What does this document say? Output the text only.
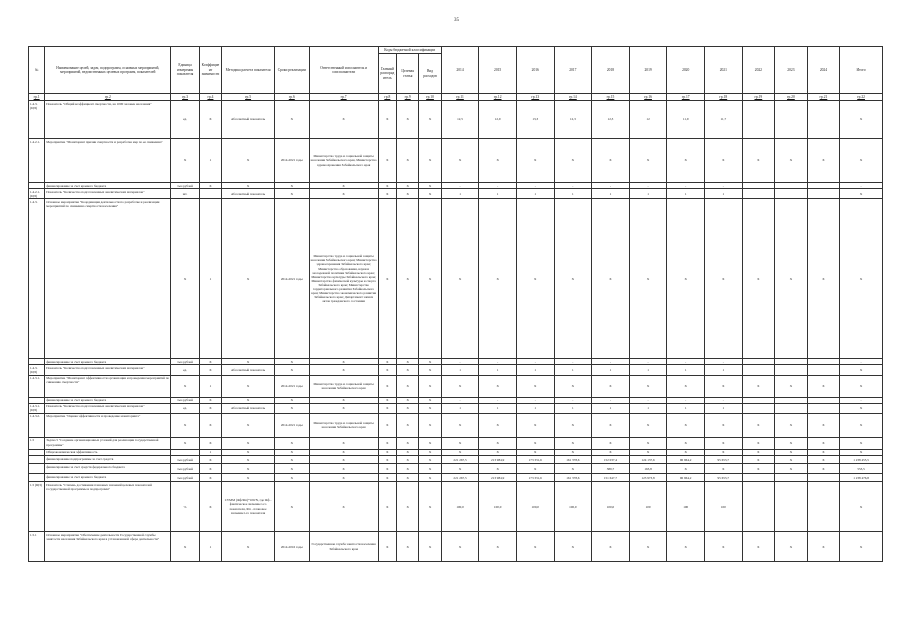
35
№	Наименование целей, задач, подпрограмм, основных мероприятий, мероприятий, ведомственных целевых программ, показателей	Единица измерения показателя	Коэффициент значимости	Методика расчета показателя	Сроки реализации	Ответственный исполнитель и соисполнители	Коды бюджетной классификации			2014	2015	2016	2017	2018	2019	2020	2021	2022	2023	2024	Итого
							Главный распорядитель	Целевая статья	Вид расходов												
гр.1	гр.2	гр.3	гр.4	гр.5	гр.6	гр.7	гр.8	гр.9	гр.10	гр.11	гр.12	гр.13	гр.14	гр.15	гр.16	гр.17	гр.18	гр.19	гр.20	гр.21	гр.22
1.4.3. (ЦП)	Показатель "Общий коэффициент смертности, на 1000 человек населения"	ед.	Х	Абсолютный показатель	Х	Х	Х	Х	Х	12,5	12,9	13,3	12,3	12,3	12	11,9	11,7				Х
1.4.2.1.	Мероприятие "Мониторинг причин смертности и разработка мер по ее снижению"	Х	1	Х	2014-2021 годы	Министерство труда и социальной защиты населения Забайкальского края, Министерство здравоохранения Забайкальского края	Х	Х	Х	Х	Х	Х	Х	Х	Х	Х	Х	Х	Х	Х	Х
	финансирование за счет краевого бюджета	тыс.рублей	Х	Х	Х	Х	Х	Х	Х	-	-	-	-	-	-	-	-				-
1.4.2.1. (ЦП)	Показатель "Количество подготовленных аналитических материалов"	шт.		Абсолютный показатель	Х	Х	Х	Х	Х	1	1	1	1	1	1	1	1				Х
1.4.3.	Основное мероприятие "Координация деятельности по разработке и реализации мероприятий по снижению смертности населения"	Х	1	Х	2014-2021 годы	Министерство труда и социальной защиты населения Забайкальского края; Министерство здравоохранения Забайкальского края; Министерство образования, науки и молодежной политики Забайкальского края; Министерство культуры Забайкальского края; Министерство физической культуры и спорта Забайкальского края; Министерство территориального развития Забайкальского края; Министерство экономического развития Забайкальского края; Департамент записи актов гражданского состояния	Х	Х	Х	Х	Х	Х	Х	Х	Х	Х	Х	Х	Х	Х	Х
	финансирование за счет краевого бюджета	тыс.рублей	Х	Х	Х	Х	Х	Х	Х	-	-	-	-	-	-	-	-				-
1.4.3. (ЦП)	Показатель "Количество подготовленных аналитических материалов"	ед.	Х	Абсолютный показатель	Х	Х	Х	Х	Х	1	1	1	1	1	1	1	1				Х
1.4.3.1.	Мероприятие "Мониторинг эффективности организации и проведения мероприятий по снижению смертности"	Х	1	Х	2014-2021 годы	Министерство труда и социальной защиты населения Забайкальского края	Х	Х	Х	Х	Х	Х	Х	Х	Х	Х	Х	Х	Х	Х	Х
	финансирование за счет краевого бюджета	тыс.рублей	Х	Х	Х	Х	Х	Х	Х	-	-	-	-	-	-	-	-				-
1.4.3.1. (ЦП)	Показатель "Количество подготовленных аналитических материалов"	ед.	Х	Абсолютный показатель	Х	Х	Х	Х	Х	1	1	1	1	1	1	1	1				Х
1.4.3.2.	Мероприятие "Оценка эффективности и проведение мониторинга"	Х	Х	Х	2014-2021 годы	Министерство труда и социальной защиты населения Забайкальского края	Х	Х	Х	Х	Х	Х	Х	Х	Х	Х	Х	Х	Х	Х	Х
1.5	Задача 5 "Создание организационных условий для реализации государственной программы"	Х	Х	Х	Х	Х	Х	Х	Х	Х	Х	Х	Х	Х	Х	Х	Х	Х	Х	Х	Х
	Общеэкономическая эффективность		1	Х	Х	Х	Х	Х	Х	Х	Х	Х	Х	Х	Х	Х	Х	Х	Х	Х	Х
	финансирование подпрограммы за счет средств	тыс.рублей	Х	Х	Х	Х	Х	Х	Х	221 267,5	213 984,9	173 331,6	161 378,6	152 037,4	124 137,6	96 964,2	95 653,7	Х	Х	Х	1 238 455,5
	финансирование за счет средств федерального бюджета	тыс.рублей	Х	Х	Х	Х	Х	Х	Х	Х	Х	Х	Х	389,7	163,8	Х	Х	Х	Х	Х	553,5
	финансирование за счет краевого бюджета	тыс.рублей	Х	Х	Х	Х	Х	Х	Х	221 267,5	213 984,9	173 331,6	161 378,6	151 647,7	123 973,8	96 964,2	95 653,7				1 238 476,8
1.5 (ЦП)	Показатель "Степень достижения плановых значений целевых показателей государственной программы и подпрограмм"	%	Х	СУММ (Фф/Фп)*100/N, где Фф - фактическое значение i-го показателя, Фп - плановое значение i-го показателя	Х	Х	Х	Х	Х	100,0	100,0	100,0	100,0	100,0	100	100	100				Х
1.5.1	Основное мероприятие "Обеспечение деятельности Государственной службы занятости населения Забайкальского края в установленной сфере деятельности"	Х	1	Х	2014-2016 годы	Государственная служба занятости населения Забайкальского края	Х	Х	Х	Х	Х	Х	Х	Х	Х	Х	Х	Х	Х	Х	Х
